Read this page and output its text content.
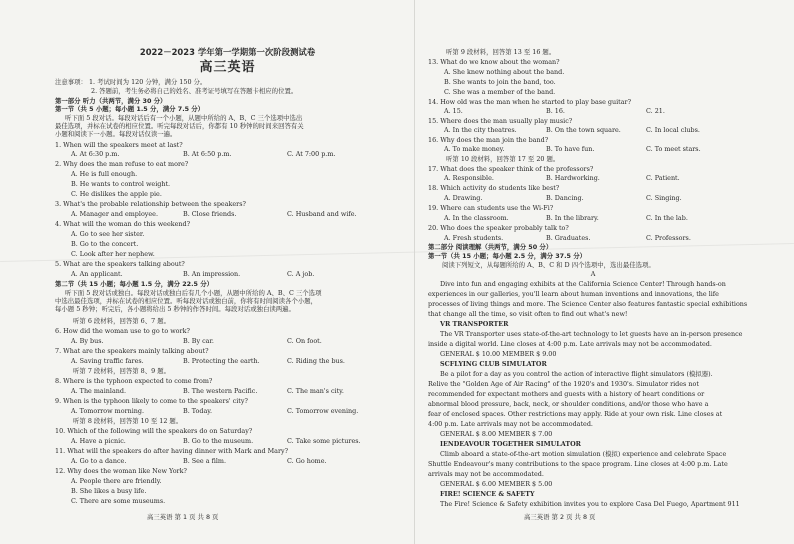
2022－2023 学年第一学期第一次阶段测试卷
高三英语
注意事项： 1. 考试时间为 120 分钟，满分 150 分。
2. 答题前，考生务必将自己的姓名、准考证号填写在答题卡相应的位置。
第一部分 听力（共两节，满分 30 分）
第一节（共 5 小题；每小题 1.5 分，满分 7.5 分）
听下面 5 段对话。每段对话后有一个小题，从题中所给的 A、B、C 三个选项中选出
最佳选项，并标在试卷的相应位置。听完每段对话后，你都有 10 秒钟的时间来回答有关
小题和阅读下一小题。每段对话仅读一遍。
1. When will the speakers meet at last?
A. At 6:30 p.m.	B. At 6:50 p.m.	C. At 7:00 p.m.
2. Why does the man refuse to eat more?
A. He is full enough.
B. He wants to control weight.
C. He dislikes the apple pie.
3. What's the probable relationship between the speakers?
A. Manager and employee.	B. Close friends.	C. Husband and wife.
4. What will the woman do this weekend?
A. Go to see her sister.
B. Go to the concert.
C. Look after her nephew.
5. What are the speakers talking about?
A. An applicant.	B. An impression.	C. A job.
第二节（共 15 小题；每小题 1.5 分，满分 22.5 分）
听下面 5 段对话或独白。每段对话或独白后有几个小题，从题中所给的 A、B、C 三个选项
中选出最佳选项，并标在试卷的相应位置。听每段对话或独白前，你将有时间阅读各个小题，
每小题 5 秒钟；听完后，各小题将给出 5 秒钟的作答时间。每段对话或独白读两遍。
听第 6 段材料，回答第 6、7 题。
6. How did the woman use to go to work?
A. By bus.	B. By car.	C. On foot.
7. What are the speakers mainly talking about?
A. Saving traffic fares.	B. Protecting the earth.	C. Riding the bus.
听第 7 段材料，回答第 8、9 题。
8. Where is the typhoon expected to come from?
A. The mainland.	B. The western Pacific.	C. The man's city.
9. When is the typhoon likely to come to the speakers' city?
A. Tomorrow morning.	B. Today.	C. Tomorrow evening.
听第 8 段材料，回答第 10 至 12 题。
10. Which of the following will the speakers do on Saturday?
A. Have a picnic.	B. Go to the museum.	C. Take some pictures.
11. What will the speakers do after having dinner with Mark and Mary?
A. Go to a dance.	B. See a film.	C. Go home.
12. Why does the woman like New York?
A. People there are friendly.
B. She likes a busy life.
C. There are some museums.
高三英语 第 1 页 共 8 页
听第 9 段材料，回答第 13 至 16 题。
13. What do we know about the woman?
A. She knew nothing about the band.
B. She wants to join the band, too.
C. She was a member of the band.
14. How old was the man when he started to play base guitar?
A. 15.	B. 16.	C. 21.
15. Where does the man usually play music?
A. In the city theatres.	B. On the town square.	C. In local clubs.
16. Why does the man join the band?
A. To make money.	B. To have fun.	C. To meet stars.
听第 10 段材料，回答第 17 至 20 题。
17. What does the speaker think of the professors?
A. Responsible.	B. Hardworking.	C. Patient.
18. Which activity do students like best?
A. Drawing.	B. Dancing.	C. Singing.
19. Where can students use the Wi-Fi?
A. In the classroom.	B. In the library.	C. In the lab.
20. Who does the speaker probably talk to?
A. Fresh students.	B. Graduates.	C. Professors.
第二部分 阅读理解（共两节，满分 50 分）
第一节（共 15 小题；每小题 2.5 分，满分 37.5 分）
阅读下列短文，从每题所给的 A、B、C 和 D 四个选项中，选出最佳选项。
A
Dive into fun and engaging exhibits at the California Science Center! Through hands-on
experiences in our galleries, you'll learn about human inventions and innovations, the life
processes of living things and more. The Science Center also features fantastic special exhibitions
that change all the time, so visit often to find out what's new!
VR TRANSPORTER
The VR Transporter uses state-of-the-art technology to let guests have an in-person presence
inside a digital world. Line closes at 4:00 p.m. Late arrivals may not be accommodated.
GENERAL $ 10.00 MEMBER $ 9.00
SCFLYING CLUB SIMULATOR
Be a pilot for a day as you control the action of interactive flight simulators (模拟器).
Relive the "Golden Age of Air Racing" of the 1920's and 1930's. Simulator rides not
recommended for expectant mothers and guests with a history of heart conditions or
abnormal blood pressure, back, neck, or shoulder conditions, and/or those who have a
fear of enclosed spaces. Other restrictions may apply. Ride at your own risk. Line closes at
4:00 p.m. Late arrivals may not be accommodated.
GENERAL $ 8.00 MEMBER $ 7.00
IENDEAVOUR TOGETHER SIMULATOR
Climb aboard a state-of-the-art motion simulation (模拟) experience and celebrate Space
Shuttle Endeavour's many contributions to the space program. Line closes at 4:00 p.m. Late
arrivals may not be accommodated.
GENERAL $ 6.00 MEMBER $ 5.00
FIRE! SCIENCE & SAFETY
The Fire! Science & Safety exhibition invites you to explore Casa Del Fuego, Apartment 911
高三英语 第 2 页 共 8 页
